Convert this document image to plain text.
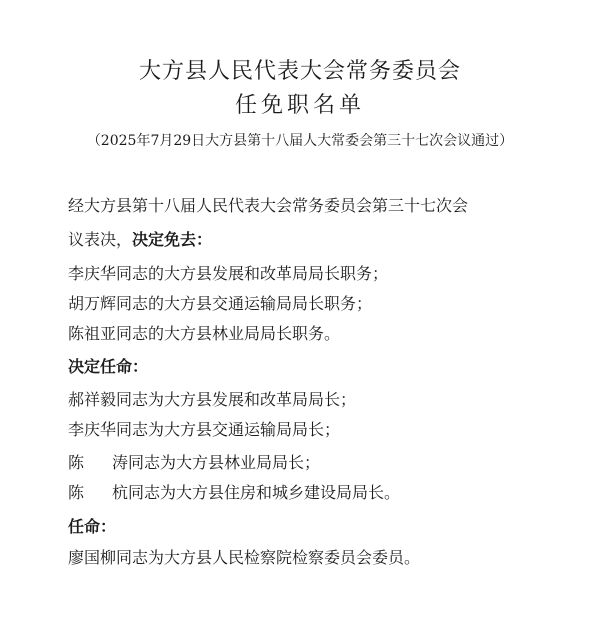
大方县人民代表大会常务委员会
任免职名单
（2025年7月29日大方县第十八届人大常委会第三十七次会议通过）
经大方县第十八届人民代表大会常务委员会第三十七次会
议表决，决定免去：
李庆华同志的大方县发展和改革局局长职务；
胡万辉同志的大方县交通运输局局长职务；
陈祖亚同志的大方县林业局局长职务。
决定任命：
郝祥毅同志为大方县发展和改革局局长；
李庆华同志为大方县交通运输局局长；
陈 涛同志为大方县林业局局长；
陈 杭同志为大方县住房和城乡建设局局长。
任命：
廖国柳同志为大方县人民检察院检察委员会委员。
